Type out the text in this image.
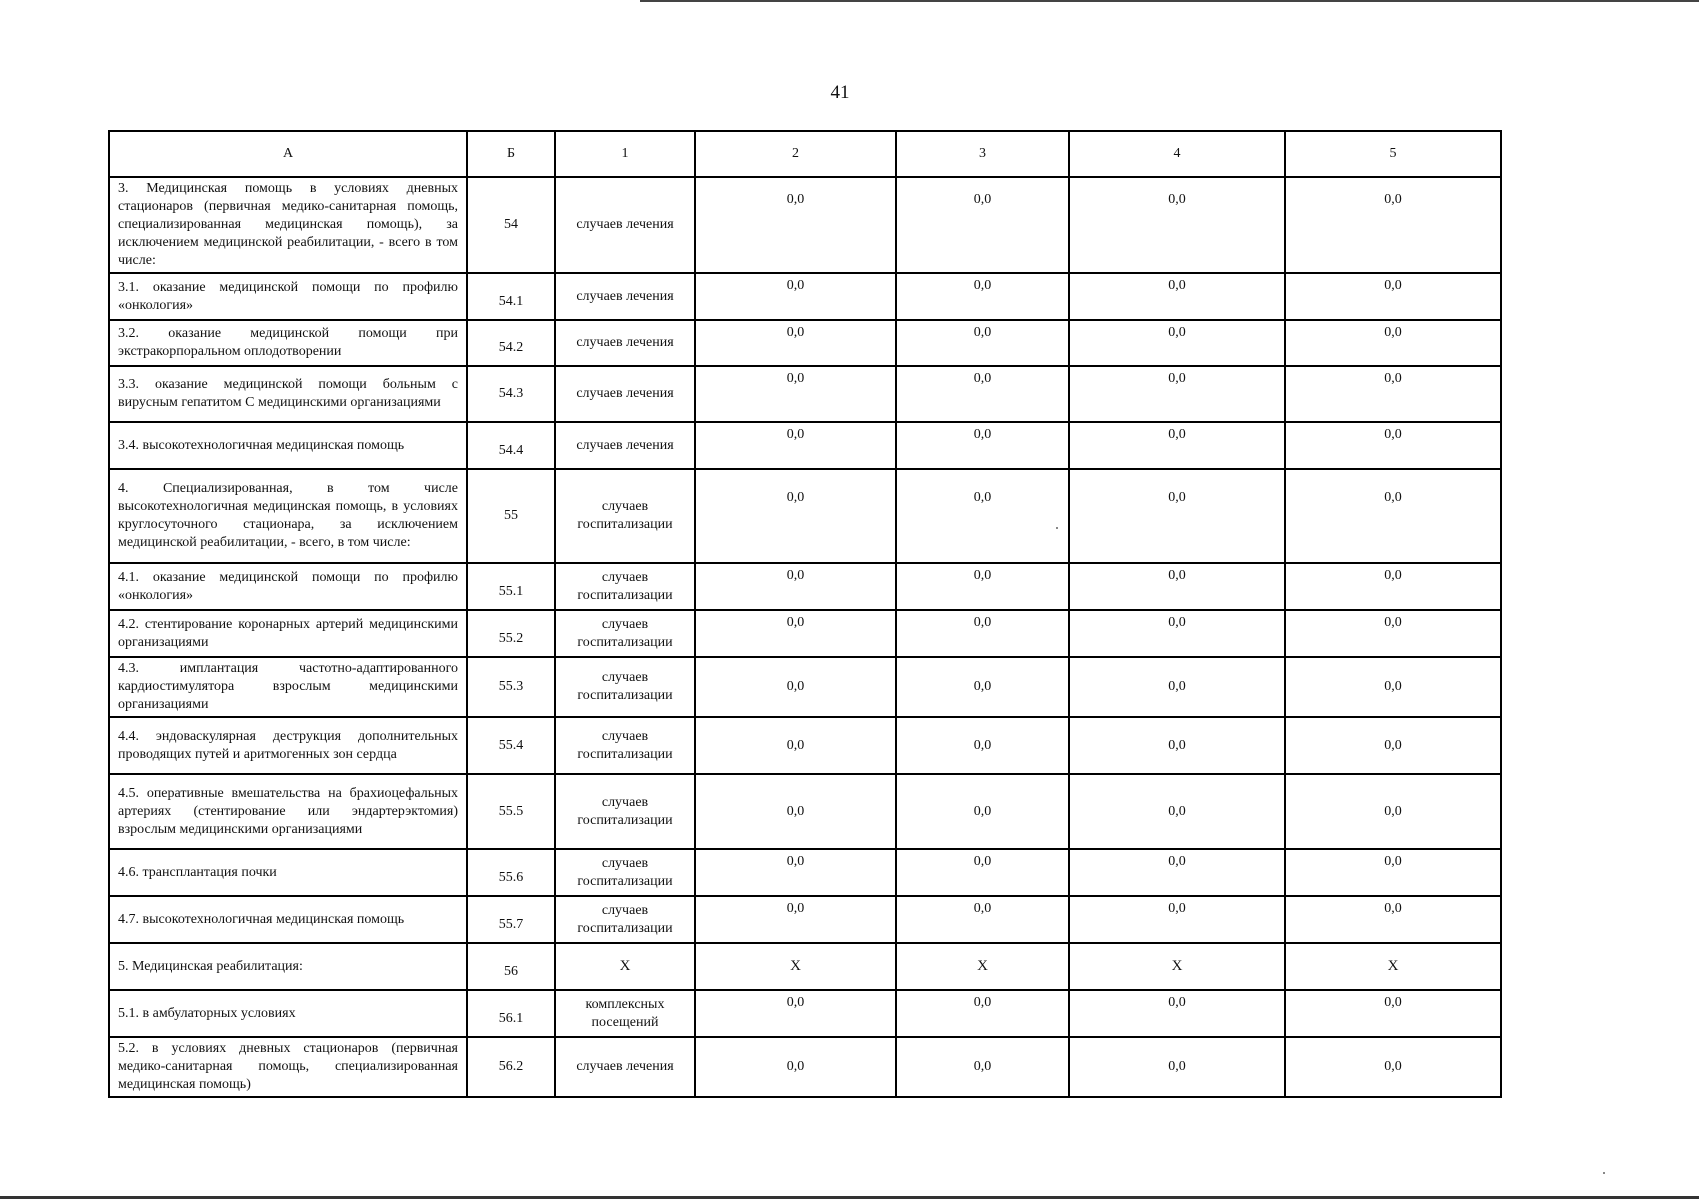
41
А	Б	1	2	3	4	5
3. Медицинская помощь в условиях дневных стационаров (первичная медико-санитарная помощь, специализированная медицинская помощь), за исключением медицинской реабилитации, - всего в том числе:	54	случаев лечения	0,0	0,0	0,0	0,0
3.1. оказание медицинской помощи по профилю «онкология»	54.1	случаев лечения	0,0	0,0	0,0	0,0
3.2. оказание медицинской помощи при экстракорпоральном оплодотворении	54.2	случаев лечения	0,0	0,0	0,0	0,0
3.3. оказание медицинской помощи больным с вирусным гепатитом С медицинскими организациями	54.3	случаев лечения	0,0	0,0	0,0	0,0
3.4. высокотехнологичная медицинская помощь	54.4	случаев лечения	0,0	0,0	0,0	0,0
4. Специализированная, в том числе высокотехнологичная медицинская помощь, в условиях круглосуточного стационара, за исключением медицинской реабилитации, - всего, в том числе:	55	случаев госпитализации	0,0	0,0	0,0	0,0
4.1. оказание медицинской помощи по профилю «онкология»	55.1	случаев госпитализации	0,0	0,0	0,0	0,0
4.2. стентирование коронарных артерий медицинскими организациями	55.2	случаев госпитализации	0,0	0,0	0,0	0,0
4.3. имплантация частотно-адаптированного кардиостимулятора взрослым медицинскими организациями	55.3	случаев госпитализации	0,0	0,0	0,0	0,0
4.4. эндоваскулярная деструкция дополнительных проводящих путей и аритмогенных зон сердца	55.4	случаев госпитализации	0,0	0,0	0,0	0,0
4.5. оперативные вмешательства на брахиоцефальных артериях (стентирование или эндартерэктомия) взрослым медицинскими организациями	55.5	случаев госпитализации	0,0	0,0	0,0	0,0
4.6. трансплантация почки	55.6	случаев госпитализации	0,0	0,0	0,0	0,0
4.7. высокотехнологичная медицинская помощь	55.7	случаев госпитализации	0,0	0,0	0,0	0,0
5. Медицинская реабилитация:	56	Х	Х	Х	Х	Х
5.1. в амбулаторных условиях	56.1	комплексных посещений	0,0	0,0	0,0	0,0
5.2. в условиях дневных стационаров (первичная медико-санитарная помощь, специализированная медицинская помощь)	56.2	случаев лечения	0,0	0,0	0,0	0,0
